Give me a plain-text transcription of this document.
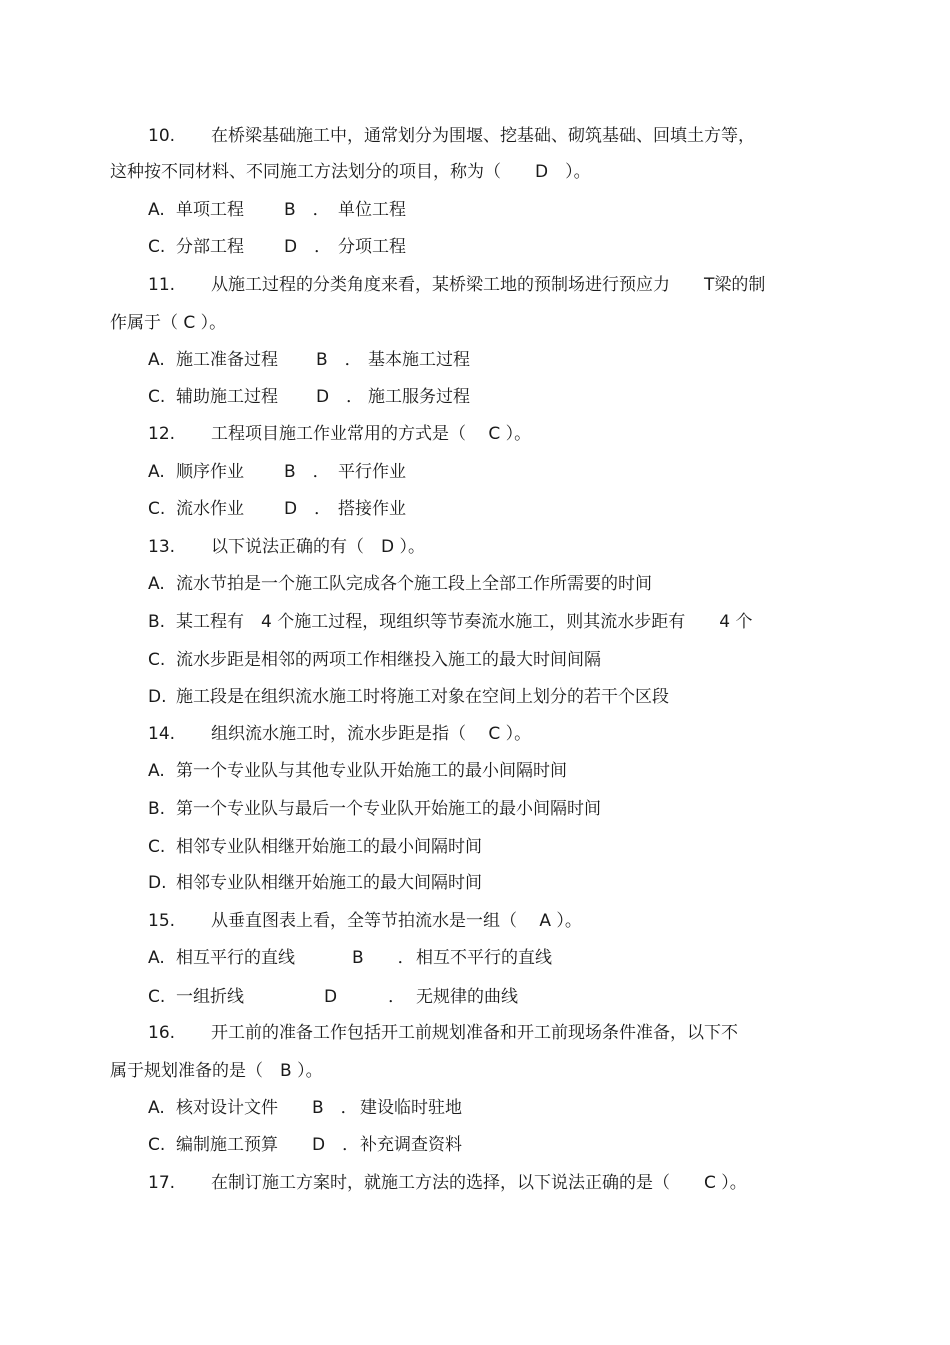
10. 在桥梁基础施工中，通常划分为围堰、挖基础、砌筑基础、回填土方等，
这种按不同材料、不同施工方法划分的项目，称为（　　D　）。
A. 单项工程 B　． 单位工程
C. 分部工程 D　． 分项工程
11. 从施工过程的分类角度来看，某桥梁工地的预制场进行预应力　　T梁的制
作属于（ C ）。
A. 施工准备过程 B　． 基本施工过程
C. 辅助施工过程 D　． 施工服务过程
12. 工程项目施工作业常用的方式是（　 C ）。
A. 顺序作业 B　． 平行作业
C. 流水作业 D　． 搭接作业
13. 以下说法正确的有（　D ）。
A. 流水节拍是一个施工队完成各个施工段上全部工作所需要的时间
B. 某工程有　4 个施工过程，现组织等节奏流水施工，则其流水步距有　　4 个
C. 流水步距是相邻的两项工作相继投入施工的最大时间间隔
D. 施工段是在组织流水施工时将施工对象在空间上划分的若干个区段
14. 组织流水施工时，流水步距是指（　 C ）。
A. 第一个专业队与其他专业队开始施工的最小间隔时间
B. 第一个专业队与最后一个专业队开始施工的最小间隔时间
C. 相邻专业队相继开始施工的最小间隔时间
D. 相邻专业队相继开始施工的最大间隔时间
15. 从垂直图表上看，全等节拍流水是一组（　 A ）。
A. 相互平行的直线	B　　．相互不平行的直线
C. 一组折线	D　　　． 无规律的曲线
16. 开工前的准备工作包括开工前规划准备和开工前现场条件准备，以下不
属于规划准备的是（　B ）。
A. 核对设计文件 B　． 建设临时驻地
C. 编制施工预算 D　．补充调查资料
17. 在制订施工方案时，就施工方法的选择，以下说法正确的是（　　C ）。
